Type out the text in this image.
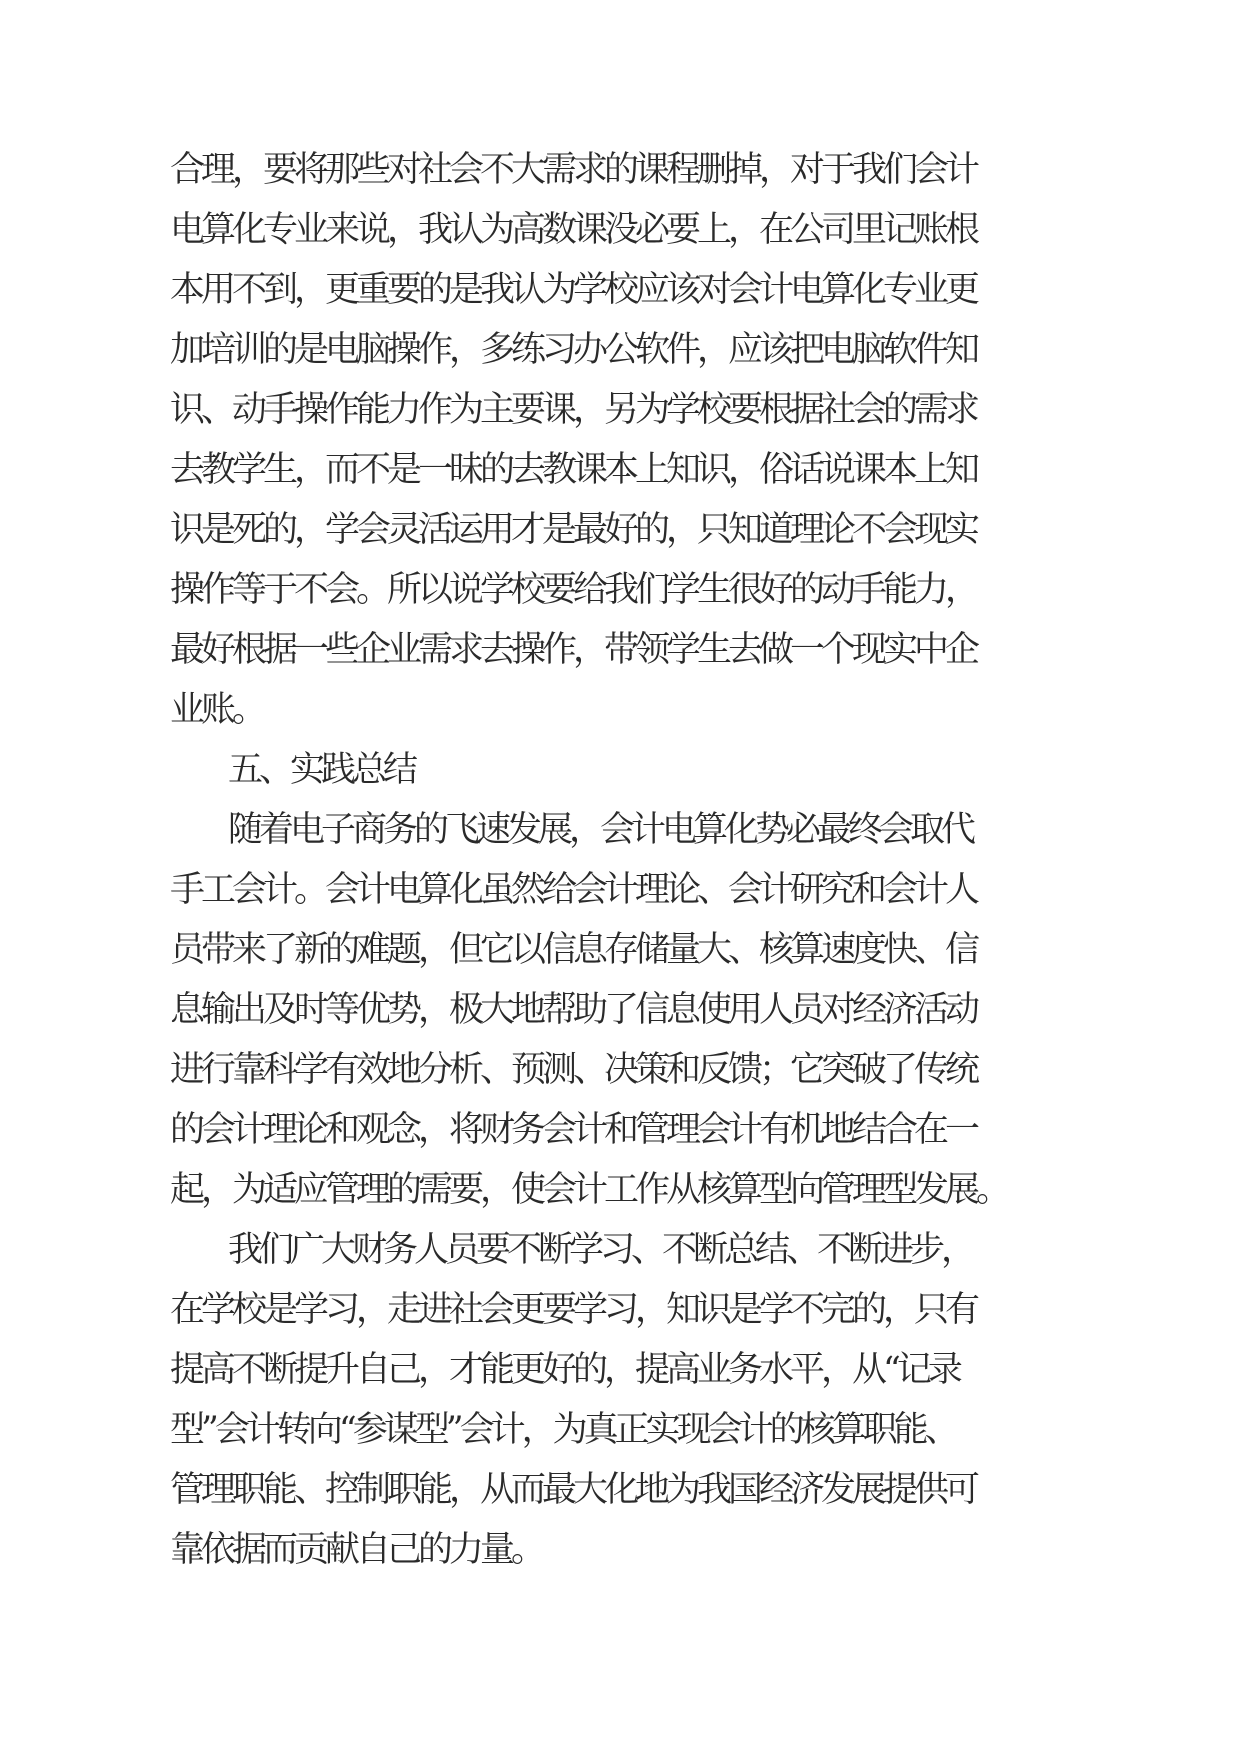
合理，要将那些对社会不大需求的课程删掉，对于我们会计
电算化专业来说，我认为高数课没必要上，在公司里记账根
本用不到，更重要的是我认为学校应该对会计电算化专业更
加培训的是电脑操作，多练习办公软件，应该把电脑软件知
识、动手操作能力作为主要课，另为学校要根据社会的需求
去教学生，而不是一昧的去教课本上知识，俗话说课本上知
识是死的，学会灵活运用才是最好的，只知道理论不会现实
操作等于不会。所以说学校要给我们学生很好的动手能力，
最好根据一些企业需求去操作，带领学生去做一个现实中企
业账。
五、实践总结
随着电子商务的飞速发展，会计电算化势必最终会取代
手工会计。会计电算化虽然给会计理论、会计研究和会计人
员带来了新的难题，但它以信息存储量大、核算速度快、信
息输出及时等优势，极大地帮助了信息使用人员对经济活动
进行靠科学有效地分析、预测、决策和反馈；它突破了传统
的会计理论和观念，将财务会计和管理会计有机地结合在一
起，为适应管理的需要，使会计工作从核算型向管理型发展。
我们广大财务人员要不断学习、不断总结、不断进步，
在学校是学习，走进社会更要学习，知识是学不完的，只有
提高不断提升自己，才能更好的，提高业务水平，从“记录
型”会计转向“参谋型”会计，为真正实现会计的核算职能、
管理职能、控制职能，从而最大化地为我国经济发展提供可
靠依据而贡献自己的力量。
